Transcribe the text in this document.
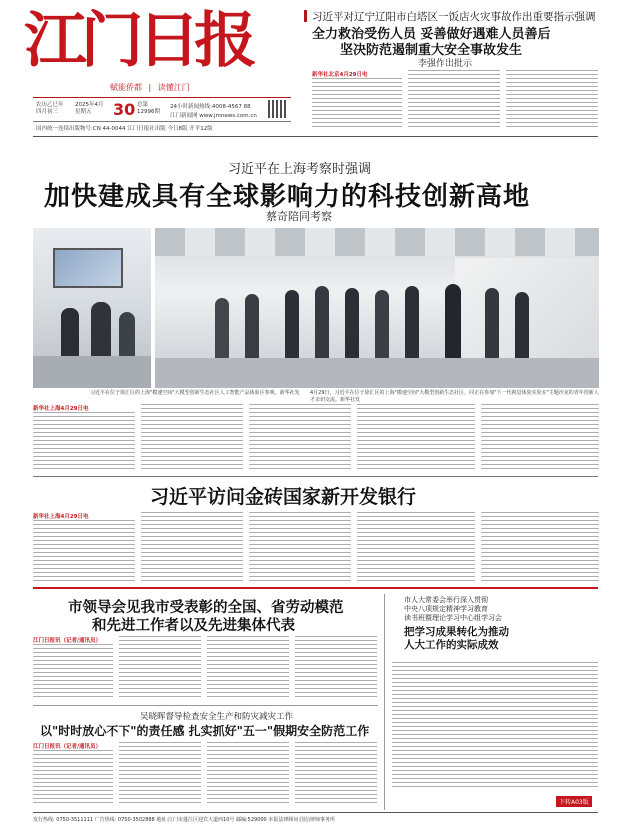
江门日报
赋能侨都 | 读懂江门
农历乙巳年
四月初三
2025年4月
星期五	30 总第
12996期
24小时新闻热线:4008-4567 88
江门新闻网 www.jmnews.com.cn
国内统一连续出版物号:CN 44-0044 江门日报社出版 今日8版 开平12版
习近平对辽宁辽阳市白塔区一饭店火灾事故作出重要指示强调
全力救治受伤人员 妥善做好遇难人员善后
坚决防范遏制重大安全事故发生
李强作出批示
新华社北京4月29日电
习近平在上海考察时强调
加快建成具有全球影响力的科技创新高地
蔡奇陪同考察
习近平在位于徐汇区的上海"模速空间"大模型创新生态社区人工智能产品体验区参观。新华社发	4月29日，习近平在位于徐汇区的上海"模速空间"大模型创新生态社区，同正在参加"下一代视觉体验实验室"主题沙龙的青年创新人才亲切交流。新华社发
新华社上海4月29日电
习近平访问金砖国家新开发银行
新华社上海4月29日电
市领导会见我市受表彰的全国、省劳动模范
和先进工作者以及先进集体代表
江门日报讯（记者/通讯员）
吴晓晖督导检查安全生产和防灾减灾工作
以"时时放心不下"的责任感 扎实抓好"五一"假期安全防范工作
江门日报讯（记者/通讯员）
市人大常委会举行深入贯彻
中央八项规定精神学习教育
读书班暨理论学习中心组学习会
把学习成果转化为推动
人大工作的实际成效
下转A03版
发行热线: 0750-3511111 广告热线: 0750-3502888 地址:江门市蓬江区迎宾大道西10号 邮编:529000 本报法律顾问:国信律师事务所
